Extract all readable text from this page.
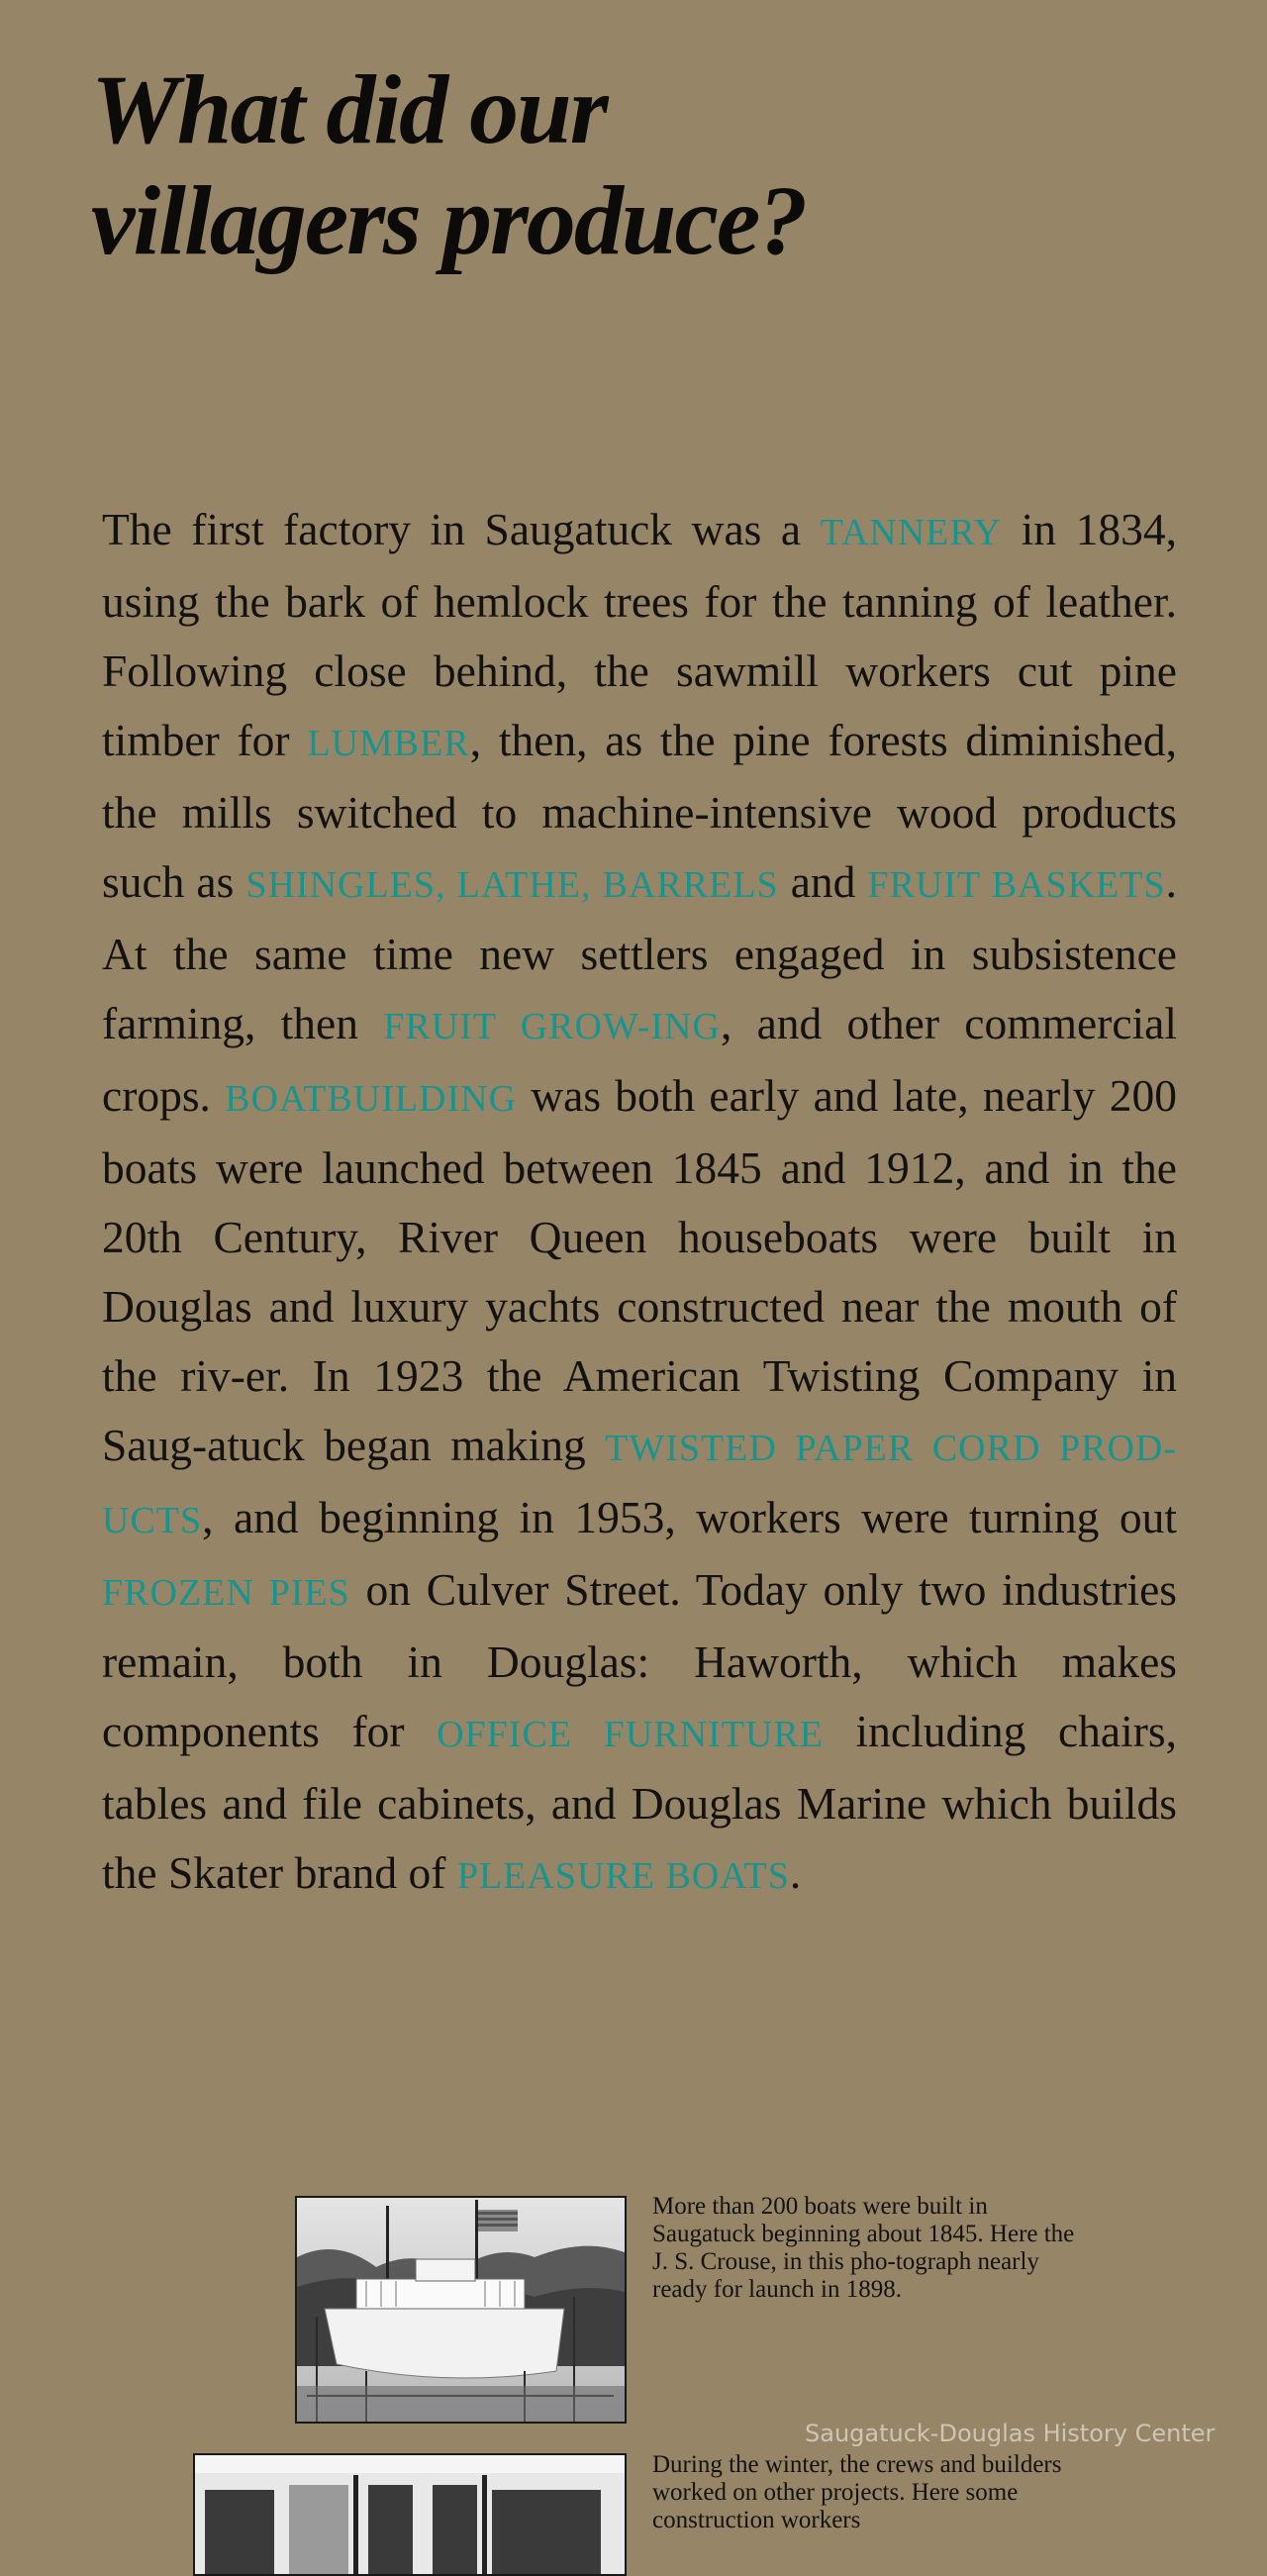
What did our
villagers produce?

The first factory in Saugatuck was a TANNERY in 1834, using the bark of hemlock trees for the tanning of leather. Following close behind, the sawmill workers cut pine timber for LUMBER, then, as the pine forests diminished, the mills switched to machine-intensive wood products such as SHINGLES, LATHE, BARRELS and FRUIT BASKETS. At the same time new settlers engaged in subsistence farming, then FRUIT GROW-ING, and other commercial crops. BOATBUILDING was both early and late, nearly 200 boats were launched between 1845 and 1912, and in the 20th Century, River Queen houseboats were built in Douglas and luxury yachts constructed near the mouth of the riv-er. In 1923 the American Twisting Company in Saug-atuck began making TWISTED PAPER CORD PROD-UCTS, and beginning in 1953, workers were turning out FROZEN PIES on Culver Street. Today only two industries remain, both in Douglas: Haworth, which makes components for OFFICE FURNITURE including chairs, tables and file cabinets, and Douglas Marine which builds the Skater brand of PLEASURE BOATS.

More than 200 boats were built in Saugatuck beginning about 1845. Here the J. S. Crouse, in this pho-tograph nearly ready for launch in 1898.

Saugatuck-Douglas History Center

During the winter, the crews and builders worked on other projects. Here some construction workers
